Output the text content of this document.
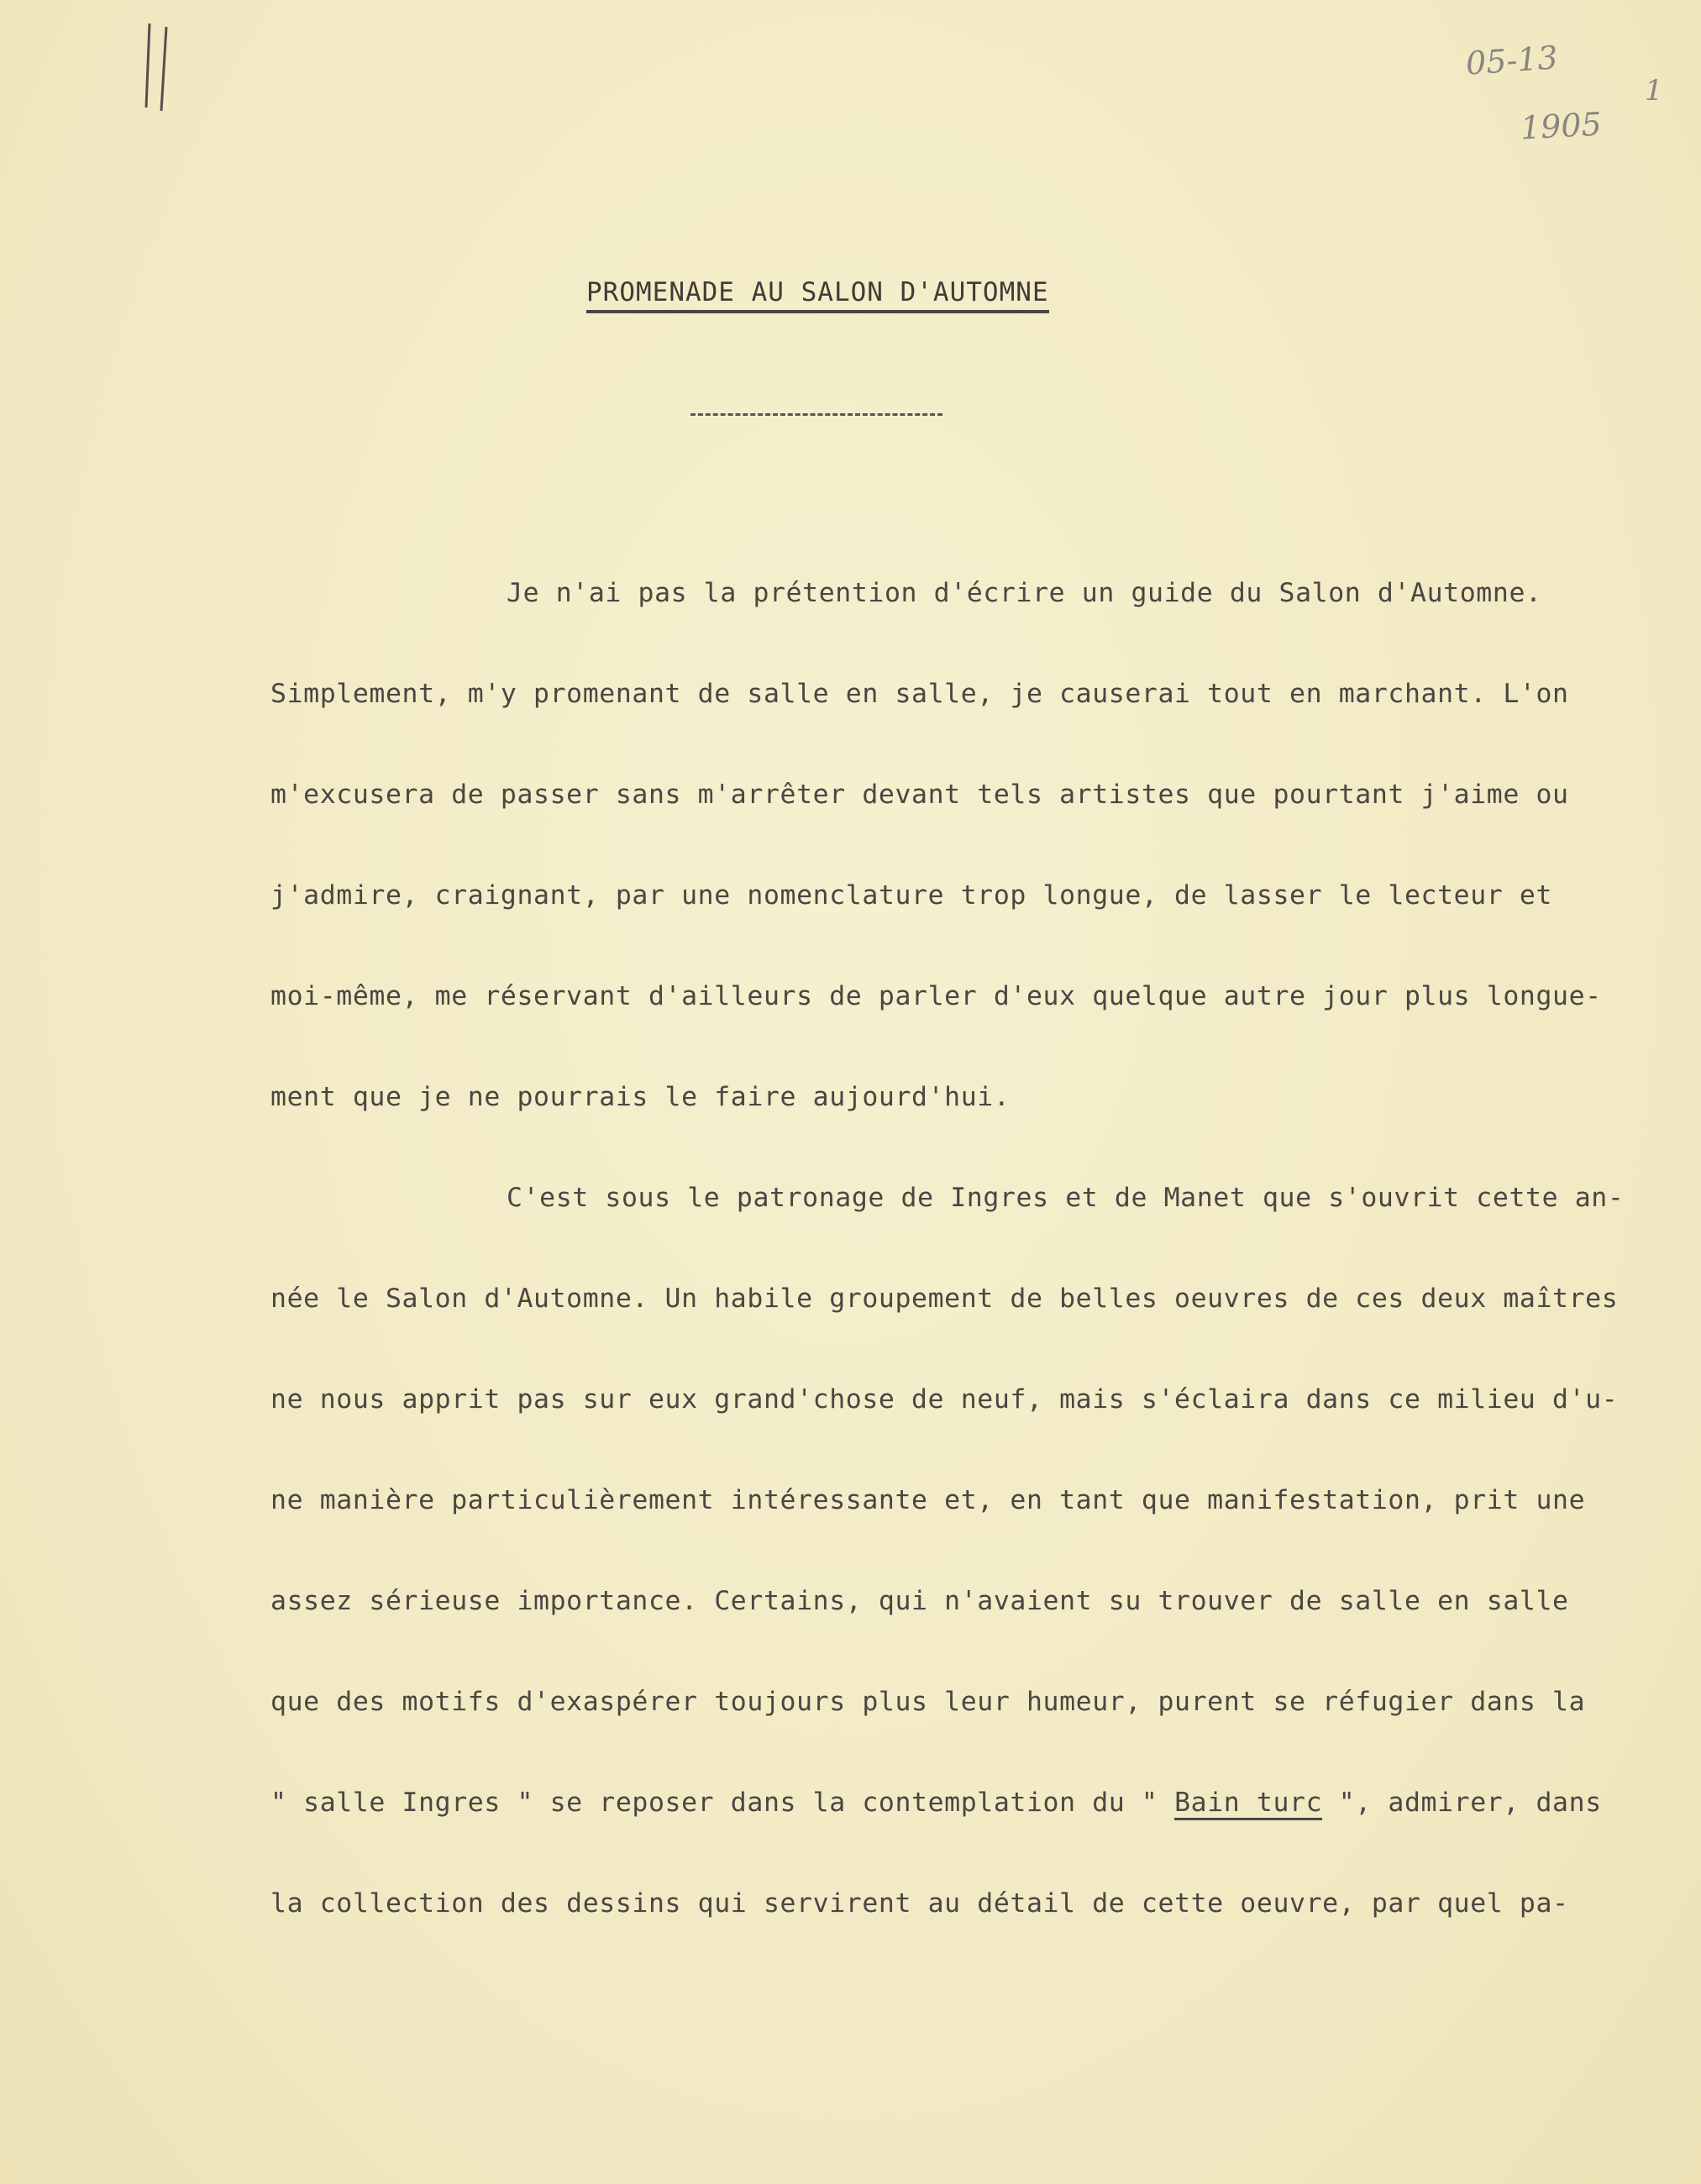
05-13
1905
1
PROMENADE AU SALON D'AUTOMNE
Je n'ai pas la prétention d'écrire un guide du Salon d'Automne.
Simplement, m'y promenant de salle en salle, je causerai tout en marchant. L'on
m'excusera de passer sans m'arrêter devant tels artistes que pourtant j'aime ou
j'admire, craignant, par une nomenclature trop longue, de lasser le lecteur et
moi-même, me réservant d'ailleurs de parler d'eux quelque autre jour plus longue-
ment que je ne pourrais le faire aujourd'hui.
C'est sous le patronage de Ingres et de Manet que s'ouvrit cette an-
née le Salon d'Automne. Un habile groupement de belles oeuvres de ces deux maîtres
ne nous apprit pas sur eux grand'chose de neuf, mais s'éclaira dans ce milieu d'u-
ne manière particulièrement intéressante et, en tant que manifestation, prit une
assez sérieuse importance. Certains, qui n'avaient su trouver de salle en salle
que des motifs d'exaspérer toujours plus leur humeur, purent se réfugier dans la
" salle Ingres " se reposer dans la contemplation du " Bain turc ", admirer, dans
la collection des dessins qui servirent au détail de cette oeuvre, par quel pa-
